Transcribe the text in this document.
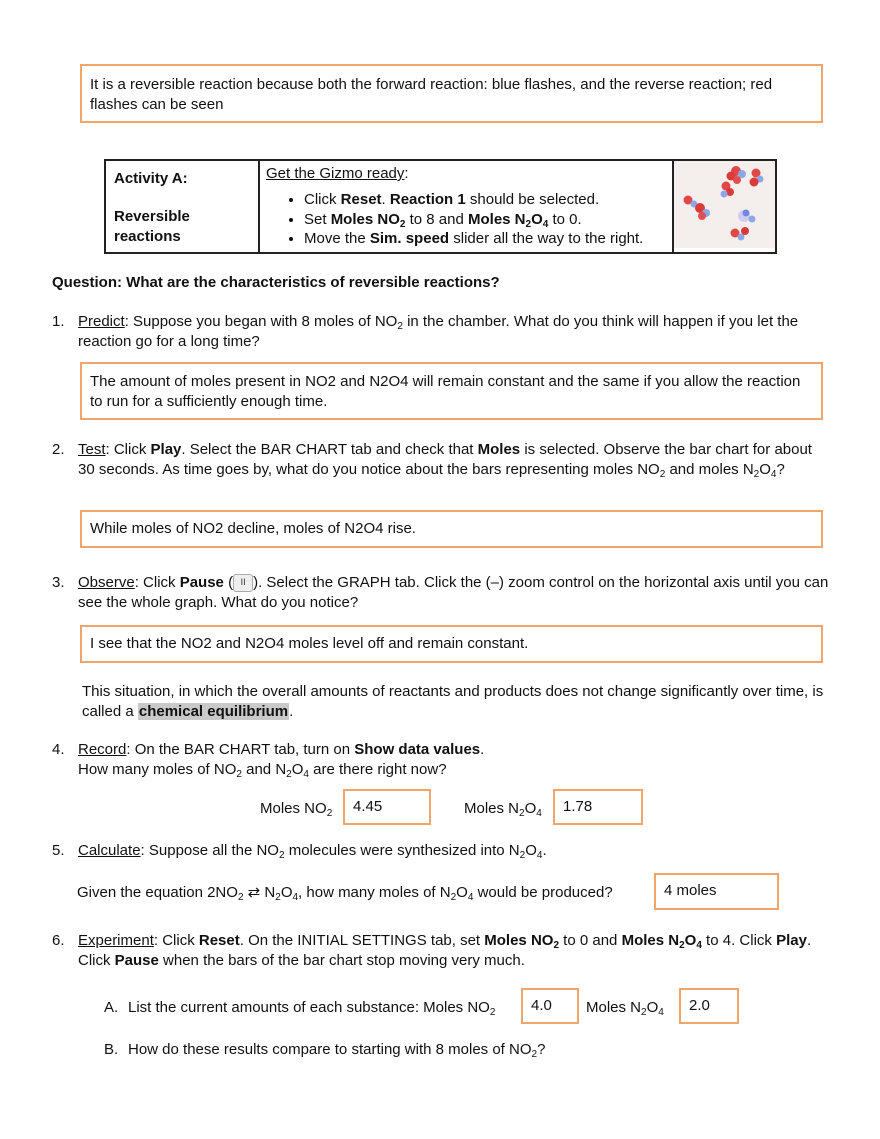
It is a reversible reaction because both the forward reaction: blue flashes, and the reverse reaction; red flashes can be seen
Activity A:
Reversible reactions

Get the Gizmo ready:
• Click Reset. Reaction 1 should be selected.
• Set Moles $NO_2$ to 8 and Moles $N_2O_4$ to 0.
• Move the Sim. speed slider all the way to the right.

Question: What are the characteristics of reversible reactions?
1. Predict: Suppose you began with 8 moles of $NO_2$ in the chamber. What do you think will happen if you let the reaction go for a long time?
The amount of moles present in NO2 and N2O4 will remain constant and the same if you allow the reaction to run for a sufficiently enough time.
2. Test: Click Play. Select the BAR CHART tab and check that Moles is selected. Observe the bar chart for about 30 seconds. As time goes by, what do you notice about the bars representing moles $NO_2$ and moles $N_2O_4$?
While moles of NO2 decline, moles of N2O4 rise.
3. Observe: Click Pause ( II ). Select the GRAPH tab. Click the (–) zoom control on the horizontal axis until you can see the whole graph. What do you notice?
I see that the NO2 and N2O4 moles level off and remain constant.
This situation, in which the overall amounts of reactants and products does not change significantly over time, is called a chemical equilibrium.
4. Record: On the BAR CHART tab, turn on Show data values.
How many moles of $NO_2$ and $N_2O_4$ are there right now?
Moles $NO_2$	4.45	Moles $N_2O_4$	1.78
5. Calculate: Suppose all the $NO_2$ molecules were synthesized into $N_2O_4$.
Given the equation $2NO_2$ ⇄ $N_2O_4$, how many moles of $N_2O_4$ would be produced?	4 moles
6. Experiment: Click Reset. On the INITIAL SETTINGS tab, set Moles $NO_2$ to 0 and Moles $N_2O_4$ to 4. Click Play. Click Pause when the bars of the bar chart stop moving very much.
A. List the current amounts of each substance: Moles $NO_2$	4.0	Moles $N_2O_4$	2.0
B. How do these results compare to starting with 8 moles of $NO_2$?
